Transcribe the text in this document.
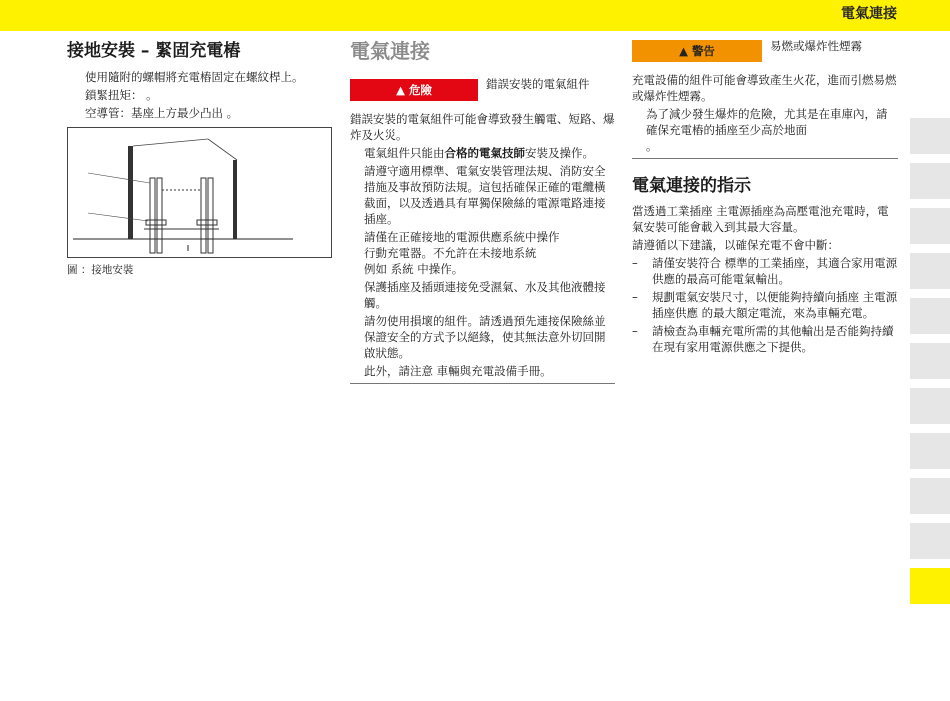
電氣連接
接地安裝 – 緊固充電樁
使用隨附的螺帽將充電樁固定在螺紋桿上。
鎖緊扭矩： 。
空導管：基座上方最少凸出 。
圖 ：接地安裝
電氣連接
▲ 危險	錯誤安裝的電氣組件
錯誤安裝的電氣組件可能會導致發生觸電、短路、爆炸及火災。
電氣組件只能由合格的電氣技師安裝及操作。
請遵守適用標準、電氣安裝管理法規、消防安全措施及事故預防法規。這包括確保正確的電纜橫截面，以及透過具有單獨保險絲的電源電路連接插座。
請僅在正確接地的電源供應系統中操作
行動充電器。不允許在未接地系統
例如 系統 中操作。
保護插座及插頭連接免受濕氣、水及其他液體接觸。
請勿使用損壞的組件。請透過預先連接保險絲並保證安全的方式予以絕緣，使其無法意外切回開啟狀態。
此外，請注意 車輛與充電設備手冊。
▲ 警告	易燃或爆炸性煙霧
充電設備的組件可能會導致產生火花，進而引燃易燃或爆炸性煙霧。
為了減少發生爆炸的危險，尤其是在車庫內，請確保充電樁的插座至少高於地面
。
電氣連接的指示
當透過工業插座 主電源插座為高壓電池充電時，電氣安裝可能會載入到其最大容量。
請遵循以下建議，以確保充電不會中斷：
–	請僅安裝符合 標準的工業插座，其適合家用電源供應的最高可能電氣輸出。
–	規劃電氣安裝尺寸，以便能夠持續向插座 主電源插座供應 的最大額定電流，來為車輛充電。
–	請檢查為車輛充電所需的其他輸出是否能夠持續在現有家用電源供應之下提供。
